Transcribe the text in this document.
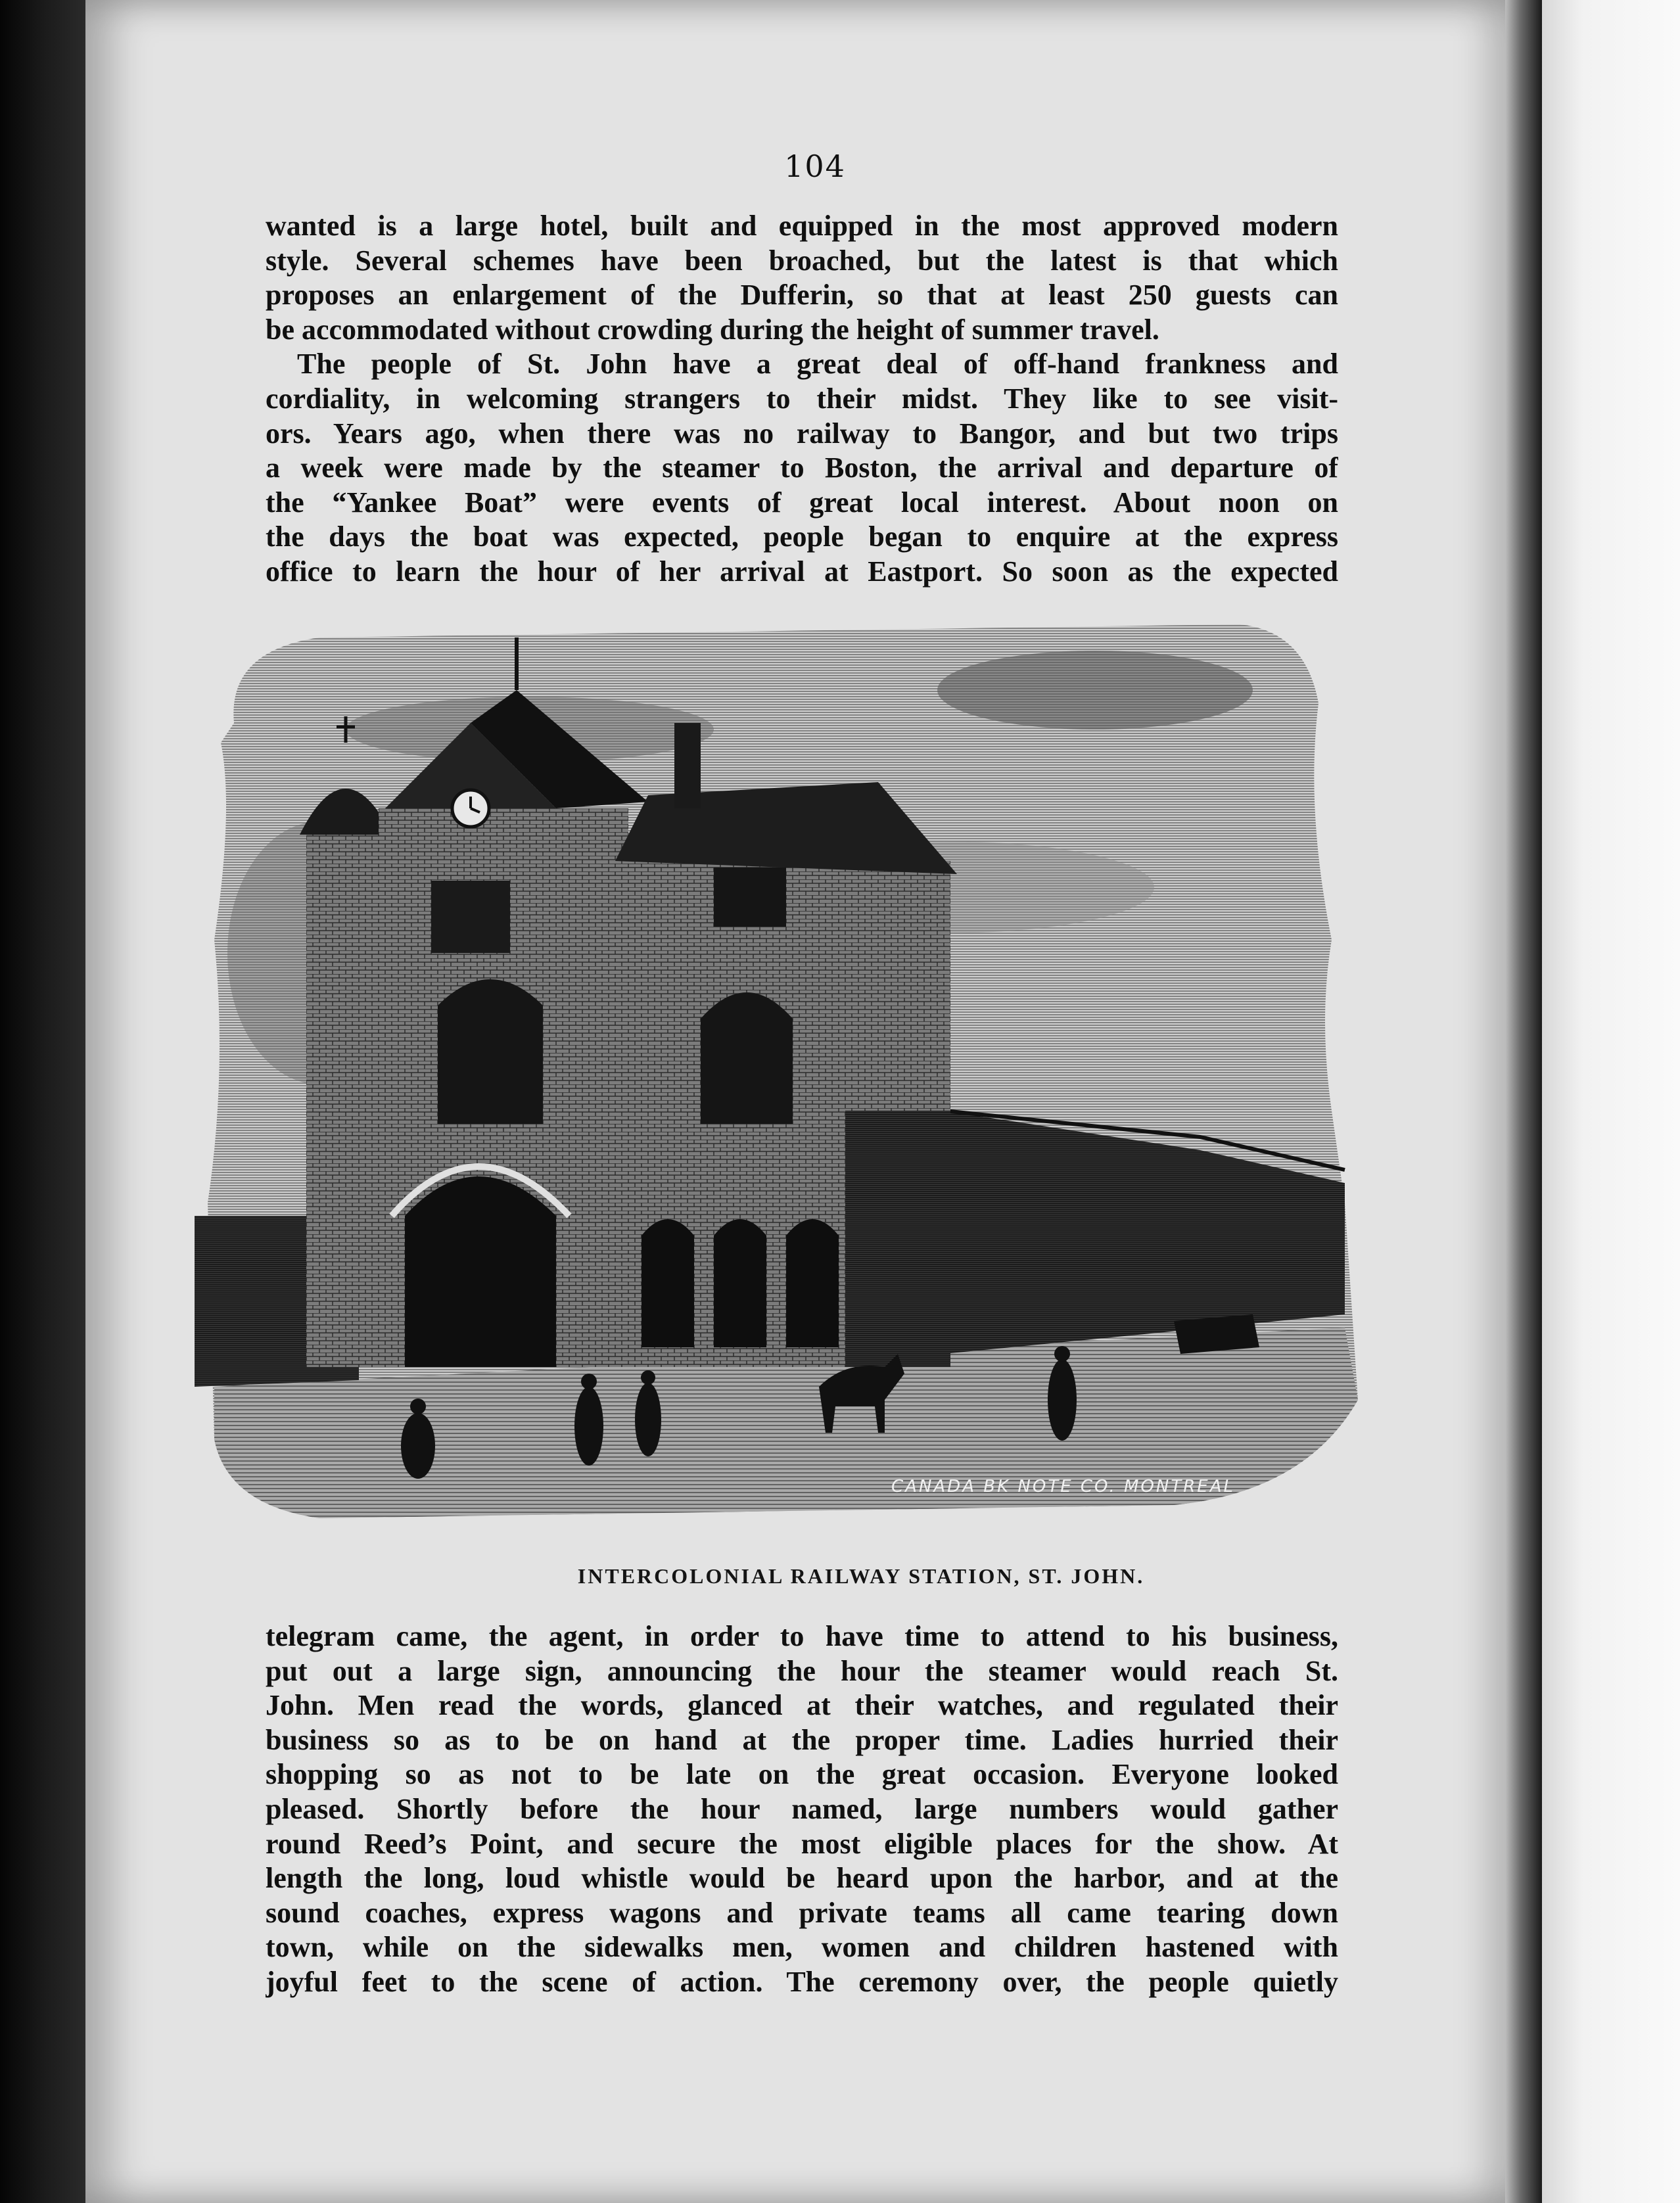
104
wanted is a large hotel, built and equipped in the most approved modern
style. Several schemes have been broached, but the latest is that which
proposes an enlargement of the Dufferin, so that at least 250 guests can
be accommodated without crowding during the height of summer travel.
The people of St. John have a great deal of off-hand frankness and
cordiality, in welcoming strangers to their midst. They like to see visit-
ors. Years ago, when there was no railway to Bangor, and but two trips
a week were made by the steamer to Boston, the arrival and departure of
the “Yankee Boat” were events of great local interest. About noon on
the days the boat was expected, people began to enquire at the express
office to learn the hour of her arrival at Eastport. So soon as the expected
CANADA BK NOTE CO. MONTREAL
INTERCOLONIAL RAILWAY STATION, ST. JOHN.
telegram came, the agent, in order to have time to attend to his business,
put out a large sign, announcing the hour the steamer would reach St.
John. Men read the words, glanced at their watches, and regulated their
business so as to be on hand at the proper time. Ladies hurried their
shopping so as not to be late on the great occasion. Everyone looked
pleased. Shortly before the hour named, large numbers would gather
round Reed’s Point, and secure the most eligible places for the show. At
length the long, loud whistle would be heard upon the harbor, and at the
sound coaches, express wagons and private teams all came tearing down
town, while on the sidewalks men, women and children hastened with
joyful feet to the scene of action. The ceremony over, the people quietly
